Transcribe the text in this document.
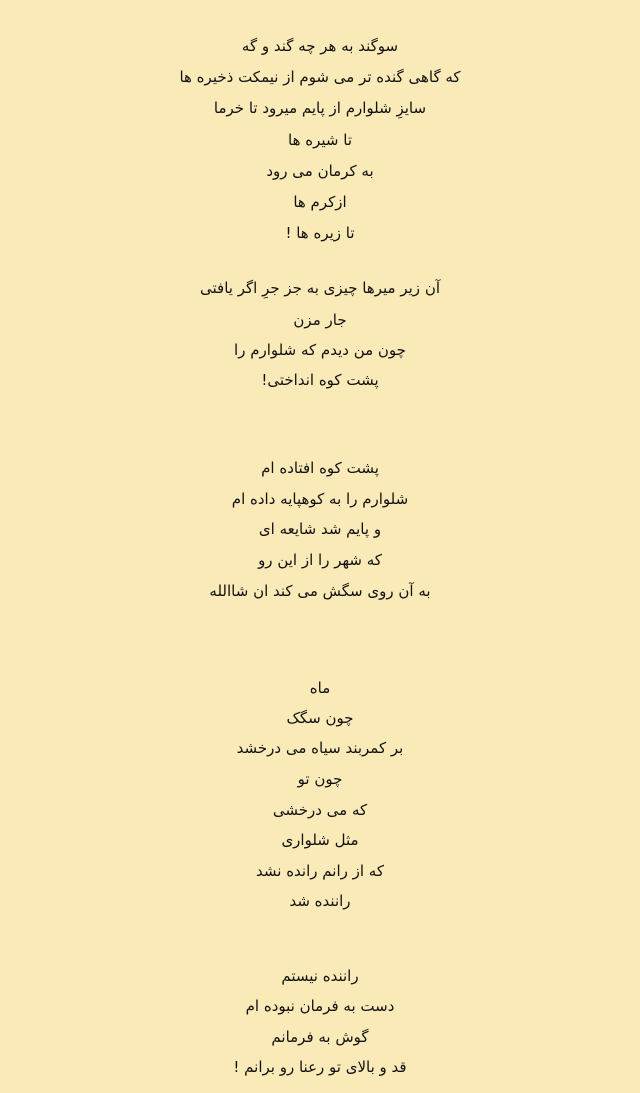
سوگند به هر چه گند و گه
که گاهی گنده تر می شوم از نیمکت ذخیره ها
سایزِ شلوارم از پایم میرود تا خرما
تا شیره ها
به کرمان می رود
ازکرم ها
تا زیره ها !
آن زیر میرها چیزی به جز جرِ اگر یافتی
جار مزن
چون من دیدم که شلوارم را
پشت کوه انداختی!
پشت کوه افتاده ام
شلوارم را به کوهپایه داده ام
و پایم شد شایعه ای
که شهر را از این رو
به آن روی سگش می کند ان شاالله
ماه
چون سگک
بر کمربند سیاه می درخشد
چون تو
که می درخشی
مثل شلواری
که از رانم رانده نشد
راننده شد
راننده نیستم
دست به فرمان نبوده ام
گوش به فرمانم
قد و بالای تو رعنا رو برانم !
